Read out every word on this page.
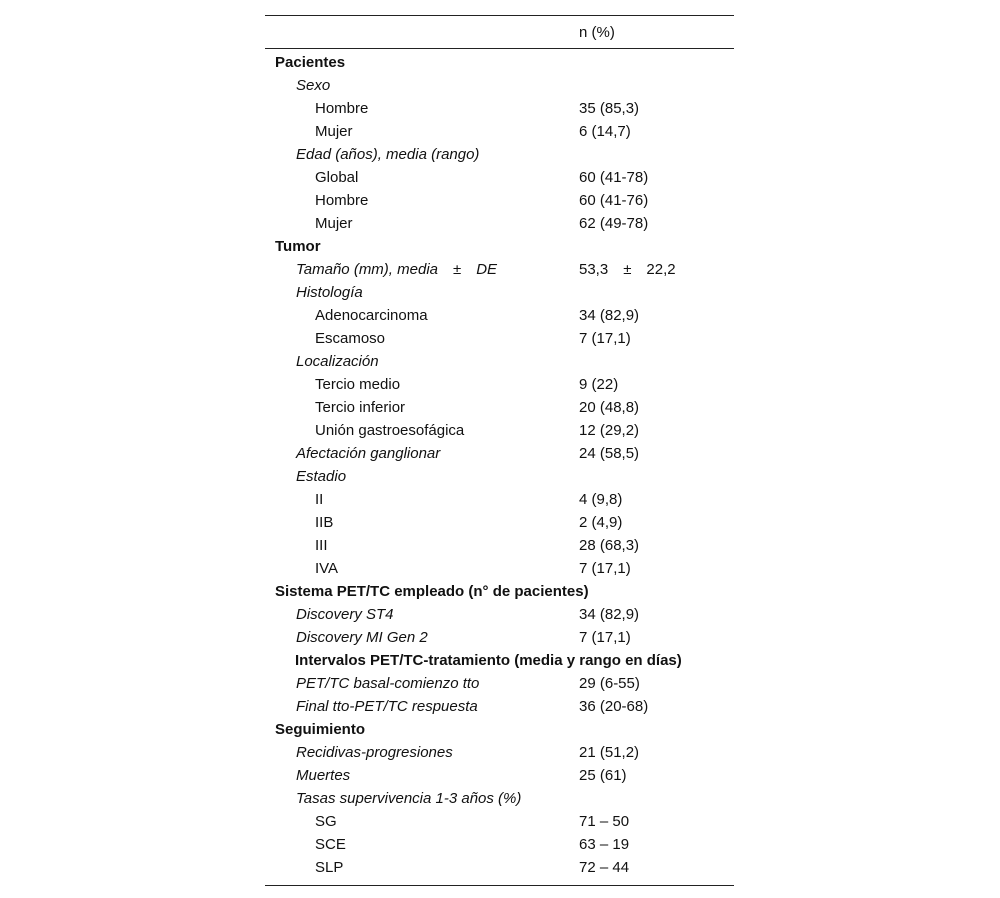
n (%)
Pacientes
Sexo
Hombre	35 (85,3)
Mujer	6 (14,7)
Edad (años), media (rango)
Global	60 (41-78)
Hombre	60 (41-76)
Mujer	62 (49-78)
Tumor
Tamaño (mm), media ± DE	53,3 ± 22,2
Histología
Adenocarcinoma	34 (82,9)
Escamoso	7 (17,1)
Localización
Tercio medio	9 (22)
Tercio inferior	20 (48,8)
Unión gastroesofágica	12 (29,2)
Afectación ganglionar	24 (58,5)
Estadio
II	4 (9,8)
IIB	2 (4,9)
III	28 (68,3)
IVA	7 (17,1)
Sistema PET/TC empleado (n° de pacientes)
Discovery ST4	34 (82,9)
Discovery MI Gen 2	7 (17,1)
Intervalos PET/TC-tratamiento (media y rango en días)
PET/TC basal-comienzo tto	29 (6-55)
Final tto-PET/TC respuesta	36 (20-68)
Seguimiento
Recidivas-progresiones	21 (51,2)
Muertes	25 (61)
Tasas supervivencia 1-3 años (%)
SG	71 – 50
SCE	63 – 19
SLP	72 – 44
